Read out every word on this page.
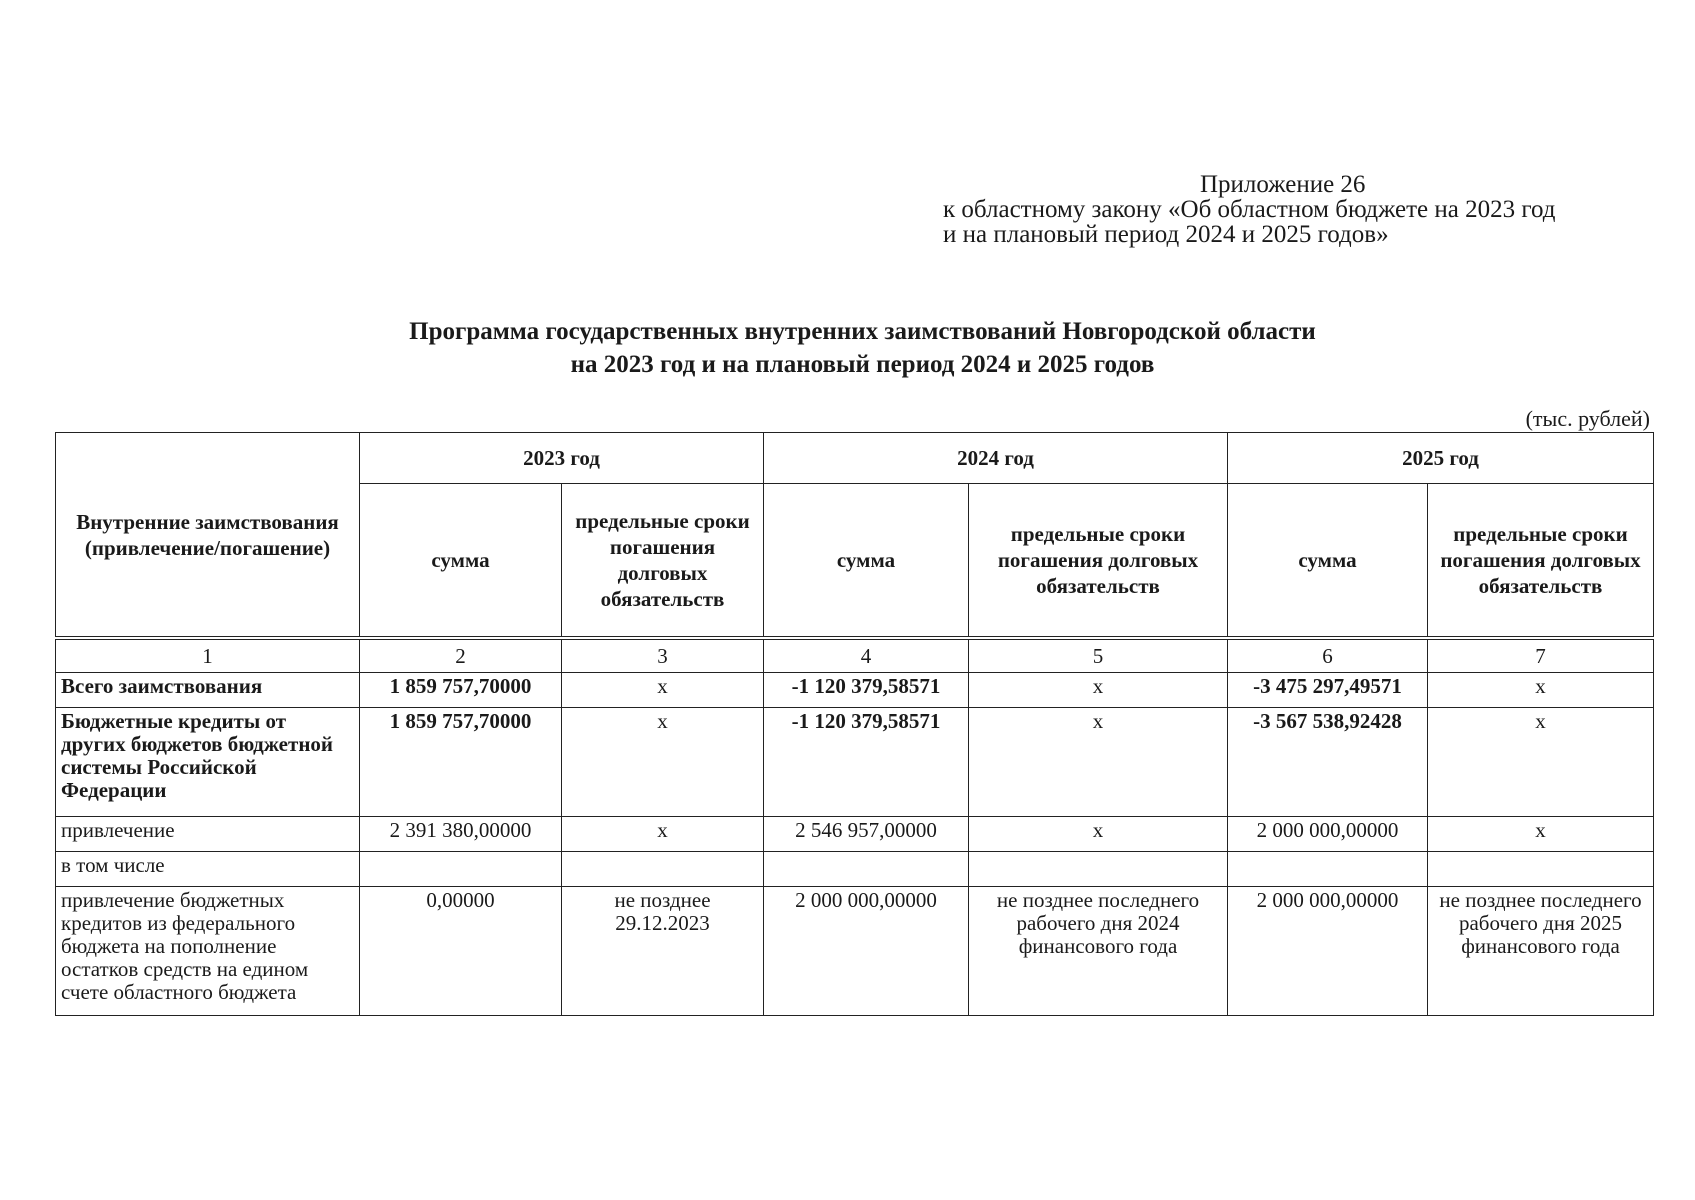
Приложение 26
к областному закону «Об областном бюджете на 2023 год
и на плановый период 2024 и 2025 годов»
Программа государственных внутренних заимствований Новгородской области
на 2023 год и на плановый период 2024 и 2025 годов
(тыс. рублей)
Внутренние заимствования (привлечение/погашение)	2023 год		2024 год		2025 год	
	сумма	предельные сроки погашения долговых обязательств	сумма	предельные сроки погашения долговых обязательств	сумма	предельные сроки погашения долговых обязательств
1	2	3	4	5	6	7
Всего заимствования	1 859 757,70000	х	-1 120 379,58571	х	-3 475 297,49571	х
Бюджетные кредиты от других бюджетов бюджетной системы Российской Федерации	1 859 757,70000	х	-1 120 379,58571	х	-3 567 538,92428	х
привлечение	2 391 380,00000	х	2 546 957,00000	х	2 000 000,00000	х
в том числе						
привлечение бюджетных кредитов из федерального бюджета на пополнение остатков средств на едином счете областного бюджета	0,00000	не позднее 29.12.2023	2 000 000,00000	не позднее последнего рабочего дня 2024 финансового года	2 000 000,00000	не позднее последнего рабочего дня 2025 финансового года
